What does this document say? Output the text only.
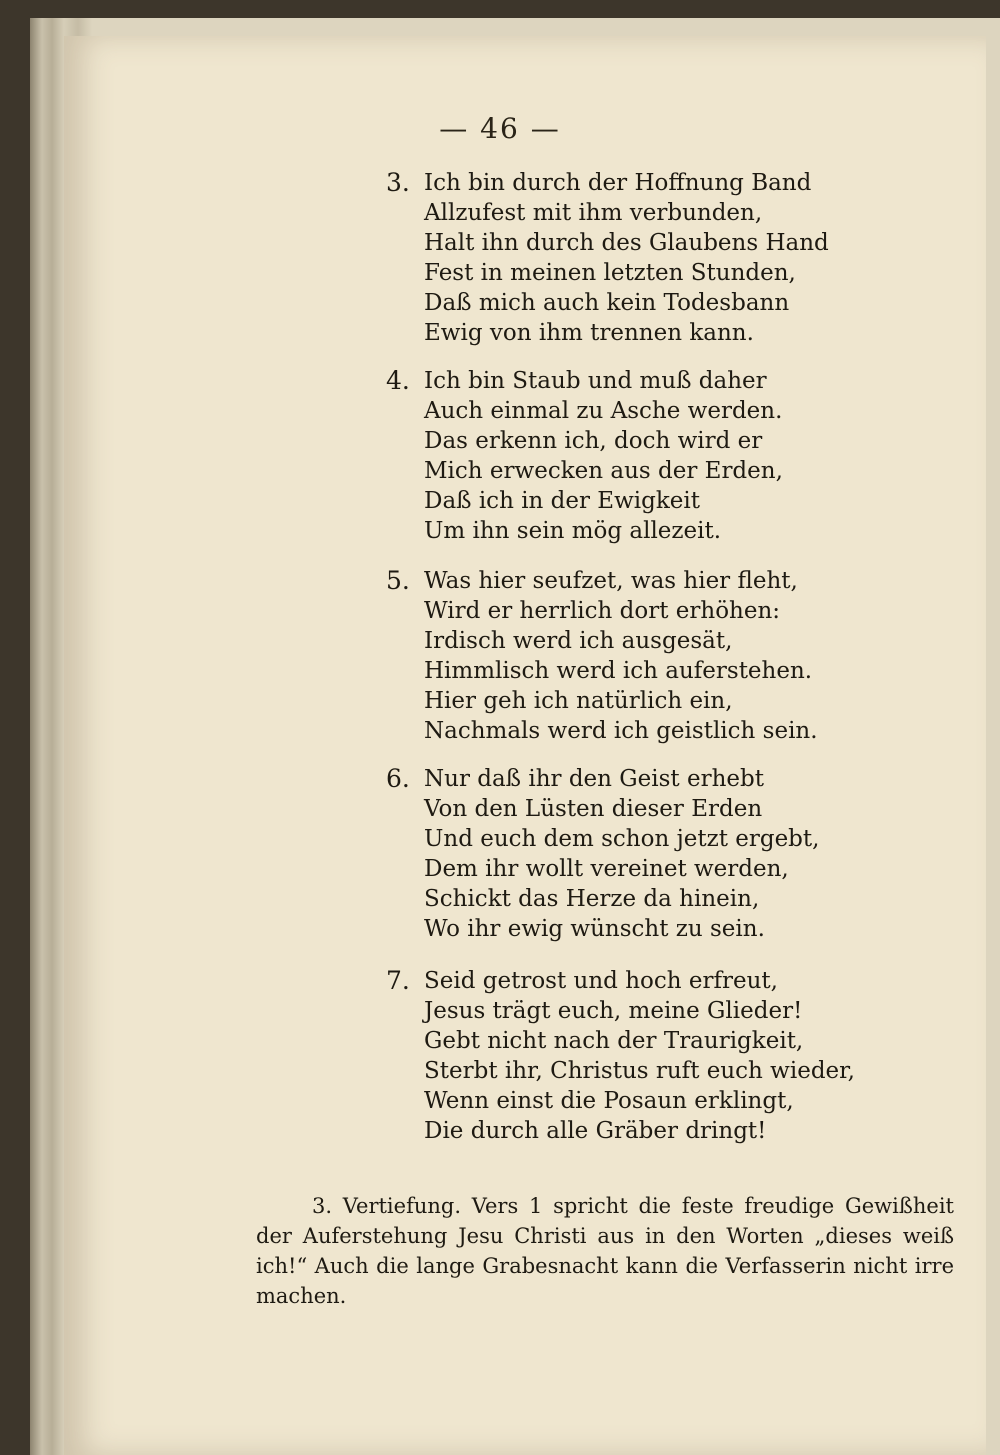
— 46 —
3. Ich bin durch der Hoffnung Band
Allzufest mit ihm verbunden,
Halt ihn durch des Glaubens Hand
Fest in meinen letzten Stunden,
Daß mich auch kein Todesbann
Ewig von ihm trennen kann.
4. Ich bin Staub und muß daher
Auch einmal zu Asche werden.
Das erkenn ich, doch wird er
Mich erwecken aus der Erden,
Daß ich in der Ewigkeit
Um ihn sein mög allezeit.
5. Was hier seufzet, was hier fleht,
Wird er herrlich dort erhöhen:
Irdisch werd ich ausgesät,
Himmlisch werd ich auferstehen.
Hier geh ich natürlich ein,
Nachmals werd ich geistlich sein.
6. Nur daß ihr den Geist erhebt
Von den Lüsten dieser Erden
Und euch dem schon jetzt ergebt,
Dem ihr wollt vereinet werden,
Schickt das Herze da hinein,
Wo ihr ewig wünscht zu sein.
7. Seid getrost und hoch erfreut,
Jesus trägt euch, meine Glieder!
Gebt nicht nach der Traurigkeit,
Sterbt ihr, Christus ruft euch wieder,
Wenn einst die Posaun erklingt,
Die durch alle Gräber dringt!

3. Vertiefung. Vers 1 spricht die feste freudige Gewißheit der Auferstehung Jesu Christi aus in den Worten „dieses weiß ich!“ Auch die lange Grabesnacht kann die Verfasserin nicht irre machen.
